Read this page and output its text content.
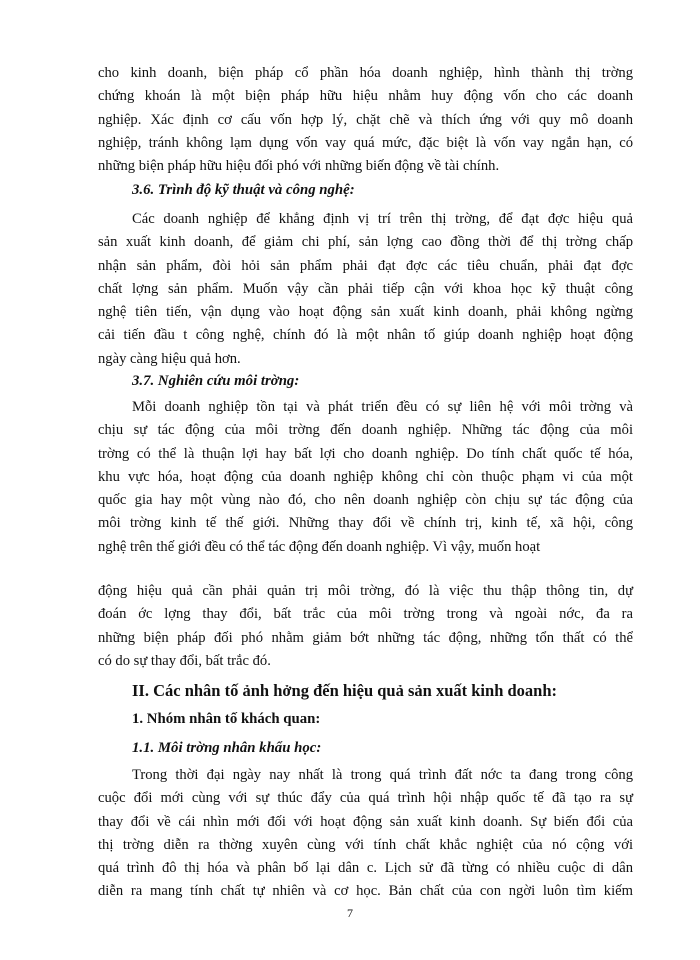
cho kinh doanh, biện pháp cổ phần hóa doanh nghiệp, hình thành thị trờng
chứng khoán là một biện pháp hữu hiệu nhằm huy động vốn cho các doanh
nghiệp. Xác định cơ cấu vốn hợp lý, chặt chẽ và thích ứng với quy mô doanh
nghiệp, tránh không lạm dụng vốn vay quá mức, đặc biệt là vốn vay ngắn hạn, có
những biện pháp hữu hiệu đối phó với những biến động về tài chính.
3.6. Trình độ kỹ thuật và công nghệ:
Các doanh nghiệp để khẳng định vị trí trên thị trờng, để đạt đợc hiệu quả
sản xuất kinh doanh, để giảm chi phí, sản lợng cao đồng thời để thị trờng chấp
nhận sản phẩm, đòi hỏi sản phẩm phải đạt đợc các tiêu chuẩn, phải đạt đợc
chất lợng sản phẩm. Muốn vậy cần phải tiếp cận với khoa học kỹ thuật công
nghệ tiên tiến, vận dụng vào hoạt động sản xuất kinh doanh, phải không ngừng
cải tiến đầu t công nghệ, chính đó là một nhân tố giúp doanh nghiệp hoạt động
ngày càng hiệu quả hơn.
3.7. Nghiên cứu môi trờng:
Mỗi doanh nghiệp tồn tại và phát triển đều có sự liên hệ với môi trờng và
chịu sự tác động của môi trờng đến doanh nghiệp. Những tác động của môi
trờng có thể là thuận lợi hay bất lợi cho doanh nghiệp. Do tính chất quốc tế hóa,
khu vực hóa, hoạt động của doanh nghiệp không chỉ còn thuộc phạm vi của một
quốc gia hay một vùng nào đó, cho nên doanh nghiệp còn chịu sự tác động của
môi trờng kinh tế thế giới. Những thay đổi về chính trị, kinh tế, xã hội, công
nghệ trên thế giới đều có thể tác động đến doanh nghiệp. Vì vậy, muốn hoạt
động hiệu quả cần phải quản trị môi trờng, đó là việc thu thập thông tin, dự
đoán ớc lợng thay đổi, bất trắc của môi trờng trong và ngoài nớc, đa ra
những biện pháp đối phó nhằm giảm bớt những tác động, những tổn thất có thể
có do sự thay đổi, bất trắc đó.
II. Các nhân tố ảnh hởng đến hiệu quả sản xuất kinh doanh:
1. Nhóm nhân tố khách quan:
1.1. Môi trờng nhân khẩu học:
Trong thời đại ngày nay nhất là trong quá trình đất nớc ta đang trong công
cuộc đổi mới cùng với sự thúc đẩy của quá trình hội nhập quốc tế đã tạo ra sự
thay đổi về cái nhìn mới đối với hoạt động sản xuất kinh doanh. Sự biến đổi của
thị trờng diễn ra thờng xuyên cùng với tính chất khắc nghiệt của nó cộng với
quá trình đô thị hóa và phân bố lại dân c. Lịch sử đã từng có nhiều cuộc di dân
diễn ra mang tính chất tự nhiên và cơ học. Bản chất của con ngời luôn tìm kiếm
7
